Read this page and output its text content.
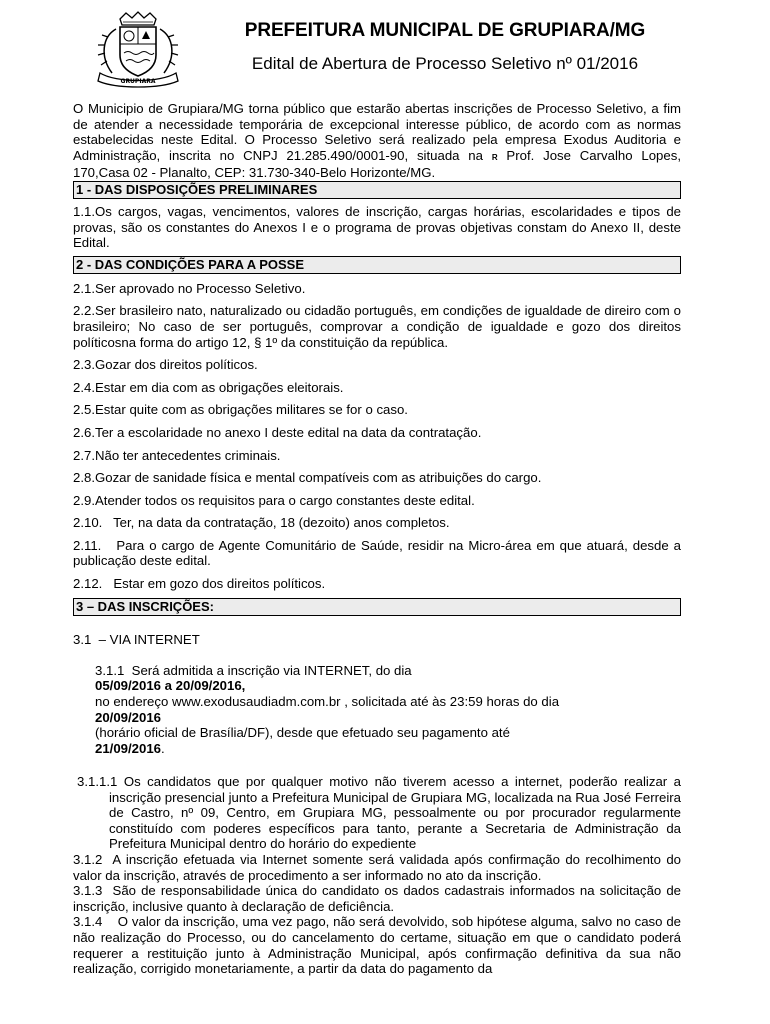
GRUPIARA
PREFEITURA MUNICIPAL DE GRUPIARA/MG
Edital de Abertura de Processo Seletivo nº 01/2016

O Municipio de Grupiara/MG torna público que estarão abertas inscrições de Processo Seletivo, a fim de atender a necessidade temporária de excepcional interesse público, de acordo com as normas estabelecidas neste Edital. O Processo Seletivo será realizado pela empresa Exodus Auditoria e Administração, inscrita no CNPJ 21.285.490/0001-90, situada na R Prof. Jose Carvalho Lopes, 170,Casa 02 - Planalto, CEP: 31.730-340-Belo Horizonte/MG.

1 - DAS DISPOSIÇÕES PRELIMINARES

1.1.Os cargos, vagas, vencimentos, valores de inscrição, cargas horárias, escolaridades e tipos de provas, são os constantes do Anexos I e o programa de provas objetivas constam do Anexo II, deste Edital.

2 - DAS CONDIÇÕES PARA A POSSE

2.1.Ser aprovado no Processo Seletivo.

2.2.Ser brasileiro nato, naturalizado ou cidadão português, em condições de igualdade de direiro com o brasileiro; No caso de ser português, comprovar a condição de igualdade e gozo dos direitos políticosna forma do artigo 12, § 1º da constituição da república.

2.3.Gozar dos direitos políticos.

2.4.Estar em dia com as obrigações eleitorais.

2.5.Estar quite com as obrigações militares se for o caso.

2.6.Ter a escolaridade no anexo I deste edital na data da contratação.

2.7.Não ter antecedentes criminais.

2.8.Gozar de sanidade física e mental compatíveis com as atribuições do cargo.

2.9.Atender todos os requisitos para o cargo constantes deste edital.

2.10.   Ter, na data da contratação, 18 (dezoito) anos completos.

2.11.   Para o cargo de Agente Comunitário de Saúde, residir na Micro-área em que atuará, desde a publicação deste edital.

2.12.   Estar em gozo dos direitos políticos.

3 – DAS INSCRIÇÕES:

3.1  – VIA INTERNET

3.1.1  Será admitida a inscrição via INTERNET, do dia
05/09/2016 a 20/09/2016,
no endereço www.exodusaudiadm.com.br , solicitada até às 23:59 horas do dia
20/09/2016
(horário oficial de Brasília/DF), desde que efetuado seu pagamento até
21/09/2016.

3.1.1.1 Os candidatos que por qualquer motivo não tiverem acesso a internet, poderão realizar a inscrição presencial junto a Prefeitura Municipal de Grupiara MG, localizada na Rua José Ferreira de Castro, nº 09, Centro, em Grupiara MG, pessoalmente ou por procurador regularmente constituído com poderes específicos para tanto, perante a Secretaria de Administração da Prefeitura Municipal dentro do horário do expediente

3.1.2  A inscrição efetuada via Internet somente será validada após confirmação do recolhimento do valor da inscrição, através de procedimento a ser informado no ato da inscrição.

3.1.3  São de responsabilidade única do candidato os dados cadastrais informados na solicitação de inscrição, inclusive quanto à declaração de deficiência.

3.1.4    O valor da inscrição, uma vez pago, não será devolvido, sob hipótese alguma, salvo no caso de não realização do Processo, ou do cancelamento do certame, situação em que o candidato poderá requerer a restituição junto à Administração Municipal, após confirmação definitiva da sua não realização, corrigido monetariamente, a partir da data do pagamento da
